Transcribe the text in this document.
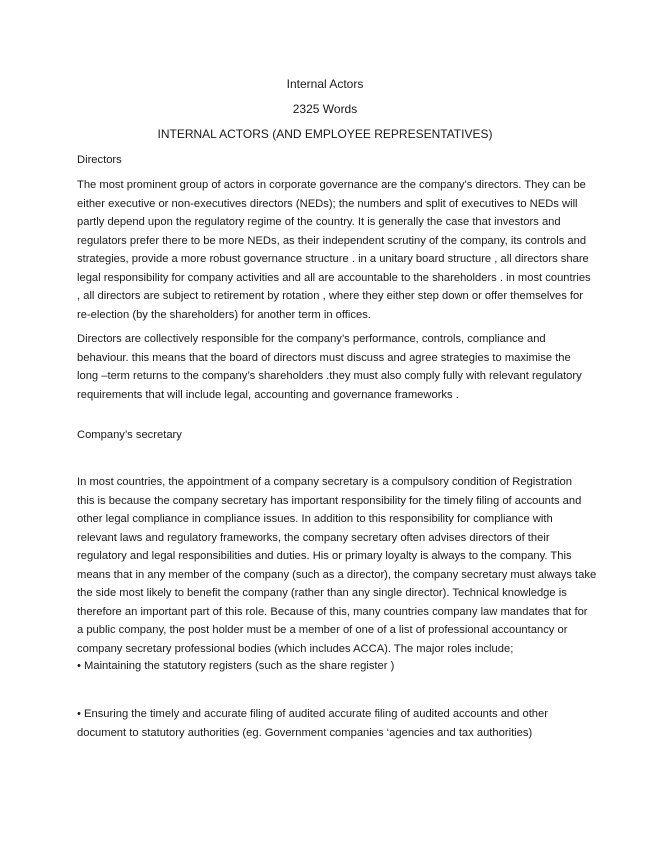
Internal Actors
2325 Words
INTERNAL ACTORS (AND EMPLOYEE REPRESENTATIVES)
Directors
The most prominent group of actors in corporate governance are the company’s directors. They can be
either executive or non-executives directors (NEDs); the numbers and split of executives to NEDs will
partly depend upon the regulatory regime of the country. It is generally the case that investors and
regulators prefer there to be more NEDs, as their independent scrutiny of the company, its controls and
strategies, provide a more robust governance structure . in a unitary board structure , all directors share
legal responsibility for company activities and all are accountable to the shareholders . in most countries
, all directors are subject to retirement by rotation , where they either step down or offer themselves for
re-election (by the shareholders) for another term in offices.
Directors are collectively responsible for the company’s performance, controls, compliance and
behaviour. this means that the board of directors must discuss and agree strategies to maximise the
long –term returns to the company’s shareholders .they must also comply fully with relevant regulatory
requirements that will include legal, accounting and governance frameworks .
Company’s secretary
In most countries, the appointment of a company secretary is a compulsory condition of Registration
this is because the company secretary has important responsibility for the timely filing of accounts and
other legal compliance in compliance issues. In addition to this responsibility for compliance with
relevant laws and regulatory frameworks, the company secretary often advises directors of their
regulatory and legal responsibilities and duties. His or primary loyalty is always to the company. This
means that in any member of the company (such as a director), the company secretary must always take
the side most likely to benefit the company (rather than any single director). Technical knowledge is
therefore an important part of this role. Because of this, many countries company law mandates that for
a public company, the post holder must be a member of one of a list of professional accountancy or
company secretary professional bodies (which includes ACCA). The major roles include;
• Maintaining the statutory registers (such as the share register )
• Ensuring the timely and accurate filing of audited accurate filing of audited accounts and other
document to statutory authorities (eg. Government companies ‘agencies and tax authorities)
